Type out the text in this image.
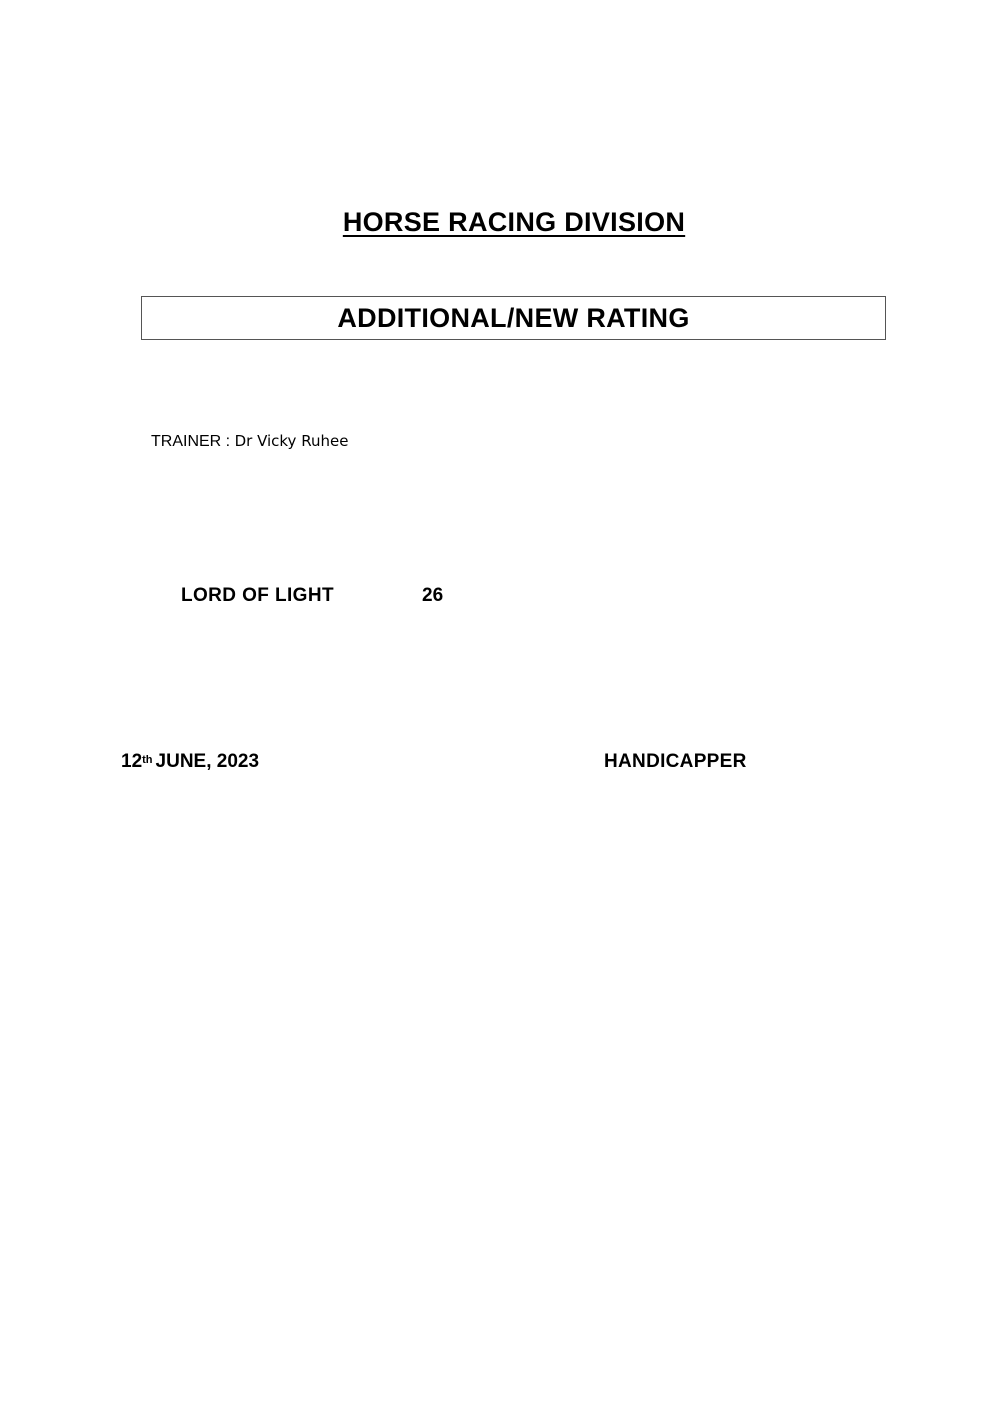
HORSE RACING DIVISION
ADDITIONAL/NEW RATING
TRAINER : Dr Vicky Ruhee
LORD OF LIGHT	26
12th JUNE, 2023	HANDICAPPER
